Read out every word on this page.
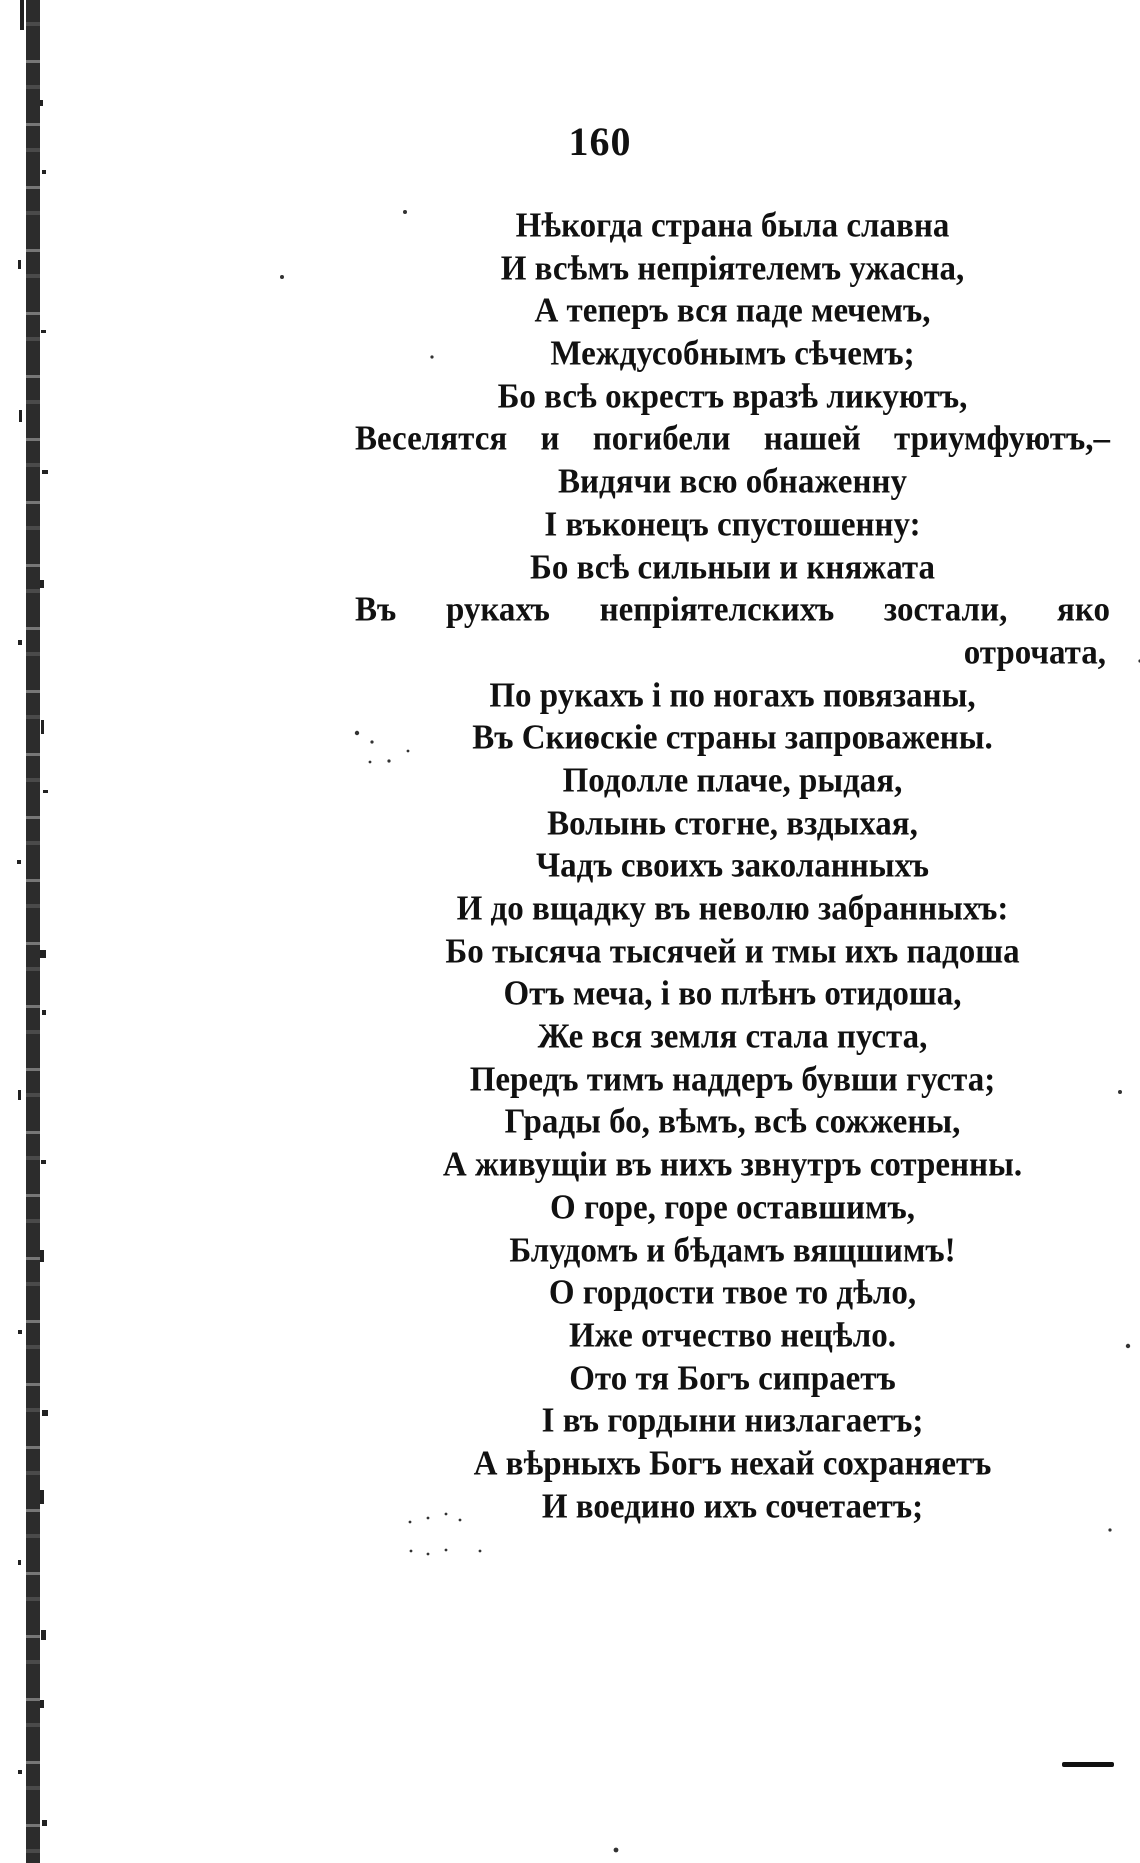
160
Нѣкогда страна была славна
И всѣмъ непріятелемъ ужасна,
А теперъ вся паде мечемъ,
Междусобнымъ сѣчемъ;
Бо всѣ окрестъ вразѣ ликуютъ,
Веселятся и погибели нашей триумфуютъ,–
Видячи всю обнаженну
І въконецъ спустошенну:
Бо всѣ сильныи и княжата
Въ рукахъ непріятелскихъ зостали, яко
отрочата,
По рукахъ і по ногахъ повязаны,
Въ Скиѳскіе страны запроважены.
Подолле плаче, рыдая,
Волынь стогне, вздыхая,
Чадъ своихъ заколанныхъ
И до вщадку въ неволю забранныхъ:
Бо тысяча тысячей и тмы ихъ падоша
Отъ меча, і во плѣнъ отидоша,
Же вся земля стала пуста,
Передъ тимъ наддеръ бувши густа;
Грады бо, вѣмъ, всѣ сожжены,
А живущіи въ нихъ звнутръ сотренны.
О горе, горе оставшимъ,
Блудомъ и бѣдамъ вящшимъ!
О гордости твое то дѣло,
Иже отчество нецѣло.
Ото тя Богъ сипраетъ
І въ гордыни низлагаетъ;
А вѣрныхъ Богъ нехай сохраняетъ
И воедино ихъ сочетаетъ;
